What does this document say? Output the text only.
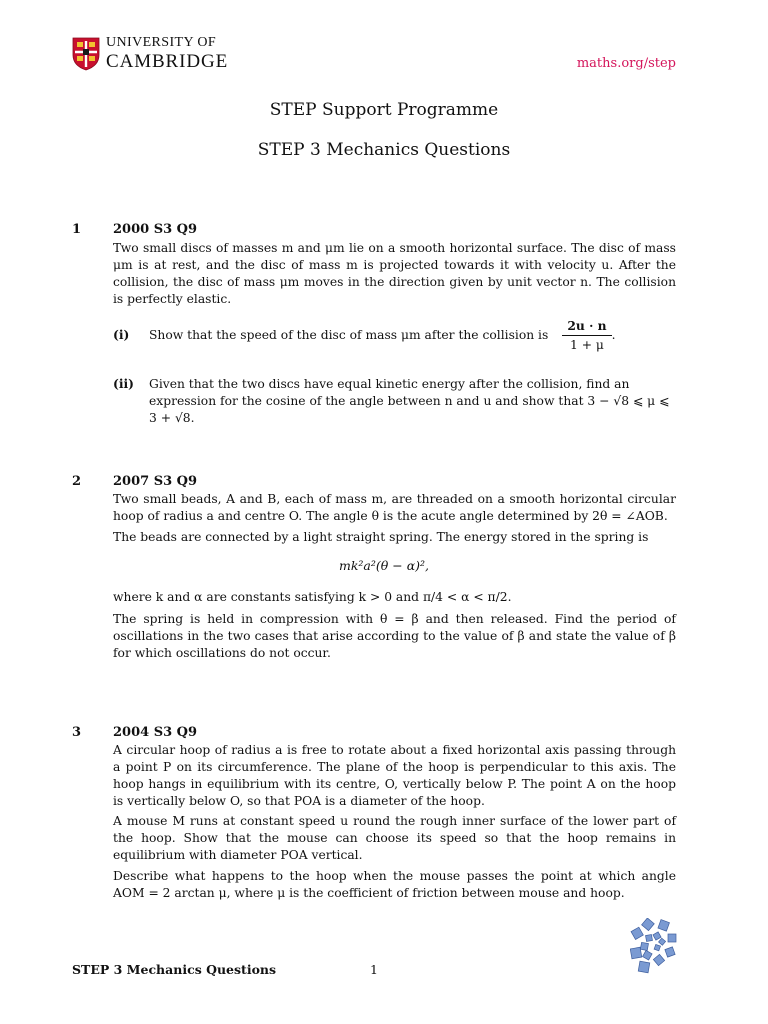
UNIVERSITY OF
CAMBRIDGE	maths.org/step
STEP Support Programme
STEP 3 Mechanics Questions
1 2000 S3 Q9
Two small discs of masses m and μm lie on a smooth horizontal surface. The disc of mass μm is at rest, and the disc of mass m is projected towards it with velocity u. After the collision, the disc of mass μm moves in the direction given by unit vector n. The collision is perfectly elastic.
(i) Show that the speed of the disc of mass μm after the collision is $\frac{2u \cdot n}{1 + \mu}$ .
(ii) Given that the two discs have equal kinetic energy after the collision, find an expression for the cosine of the angle between n and u and show that 3 − √8 ⩽ μ ⩽ 3 + √8.
2 2007 S3 Q9
Two small beads, A and B, each of mass m, are threaded on a smooth horizontal circular hoop of radius a and centre O. The angle θ is the acute angle determined by 2θ = ∠AOB.
The beads are connected by a light straight spring. The energy stored in the spring is
mk²a²(θ − α)²,
where k and α are constants satisfying k > 0 and π/4 < α < π/2.
The spring is held in compression with θ = β and then released. Find the period of oscillations in the two cases that arise according to the value of β and state the value of β for which oscillations do not occur.
3 2004 S3 Q9
A circular hoop of radius a is free to rotate about a fixed horizontal axis passing through a point P on its circumference. The plane of the hoop is perpendicular to this axis. The hoop hangs in equilibrium with its centre, O, vertically below P. The point A on the hoop is vertically below O, so that POA is a diameter of the hoop.
A mouse M runs at constant speed u round the rough inner surface of the lower part of the hoop. Show that the mouse can choose its speed so that the hoop remains in equilibrium with diameter POA vertical.
Describe what happens to the hoop when the mouse passes the point at which angle AOM = 2 arctan μ, where μ is the coefficient of friction between mouse and hoop.
STEP 3 Mechanics Questions	1
